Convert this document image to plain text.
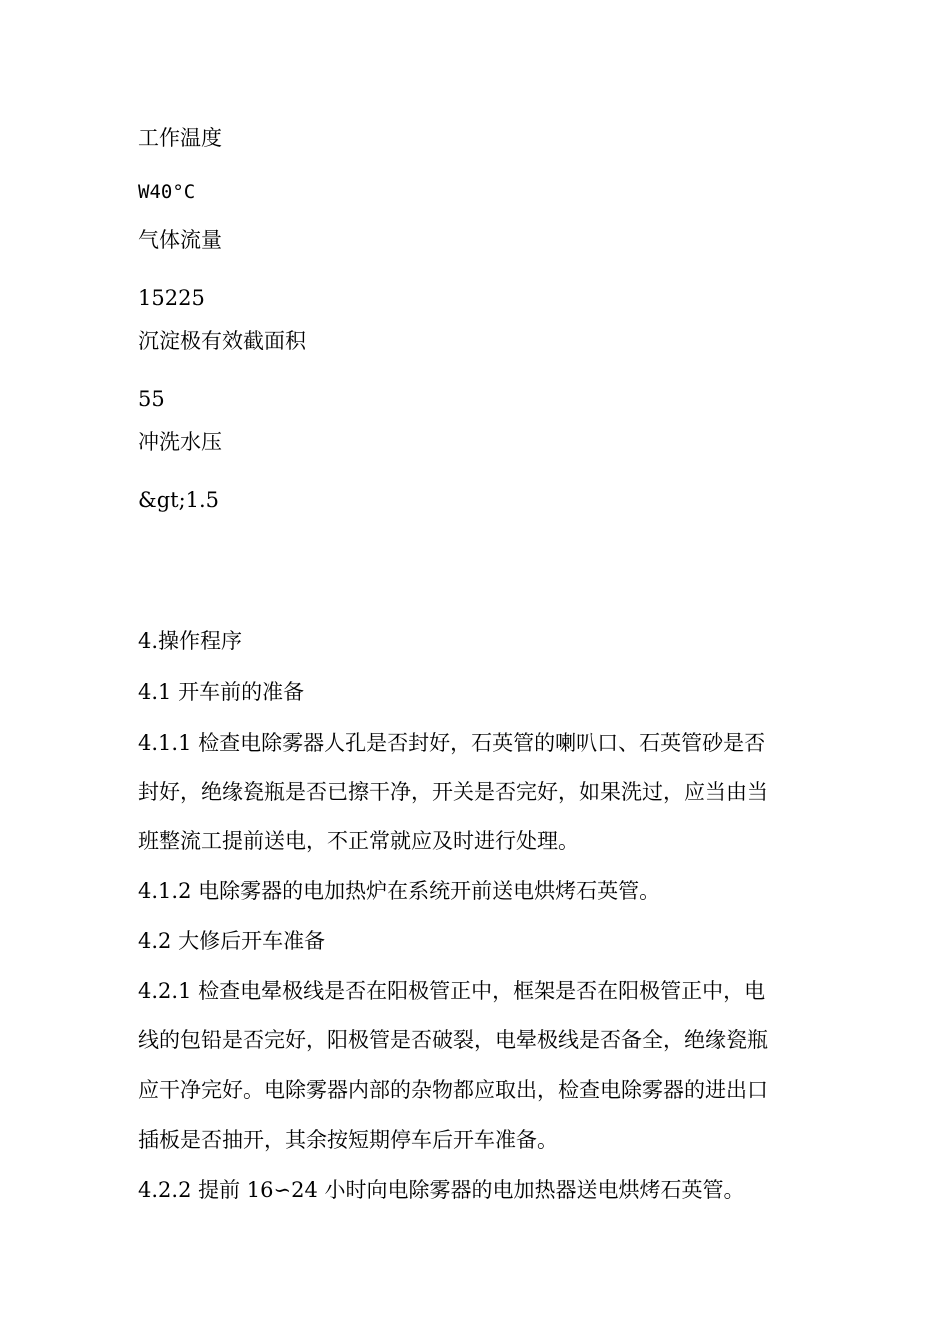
工作温度

W40°C

气体流量

15225

沉淀极有效截面积

55

冲洗水压

&gt;1.5

4.操作程序

4.1 开车前的准备

4.1.1 检查电除雾器人孔是否封好，石英管的喇叭口、石英管砂是否

封好，绝缘瓷瓶是否已擦干净，开关是否完好，如果洗过，应当由当

班整流工提前送电，不正常就应及时进行处理。

4.1.2 电除雾器的电加热炉在系统开前送电烘烤石英管。

4.2 大修后开车准备

4.2.1 检查电晕极线是否在阳极管正中，框架是否在阳极管正中，电

线的包铅是否完好，阳极管是否破裂，电晕极线是否备全，绝缘瓷瓶

应干净完好。电除雾器内部的杂物都应取出，检查电除雾器的进出口

插板是否抽开，其余按短期停车后开车准备。

4.2.2 提前 16∽24 小时向电除雾器的电加热器送电烘烤石英管。
